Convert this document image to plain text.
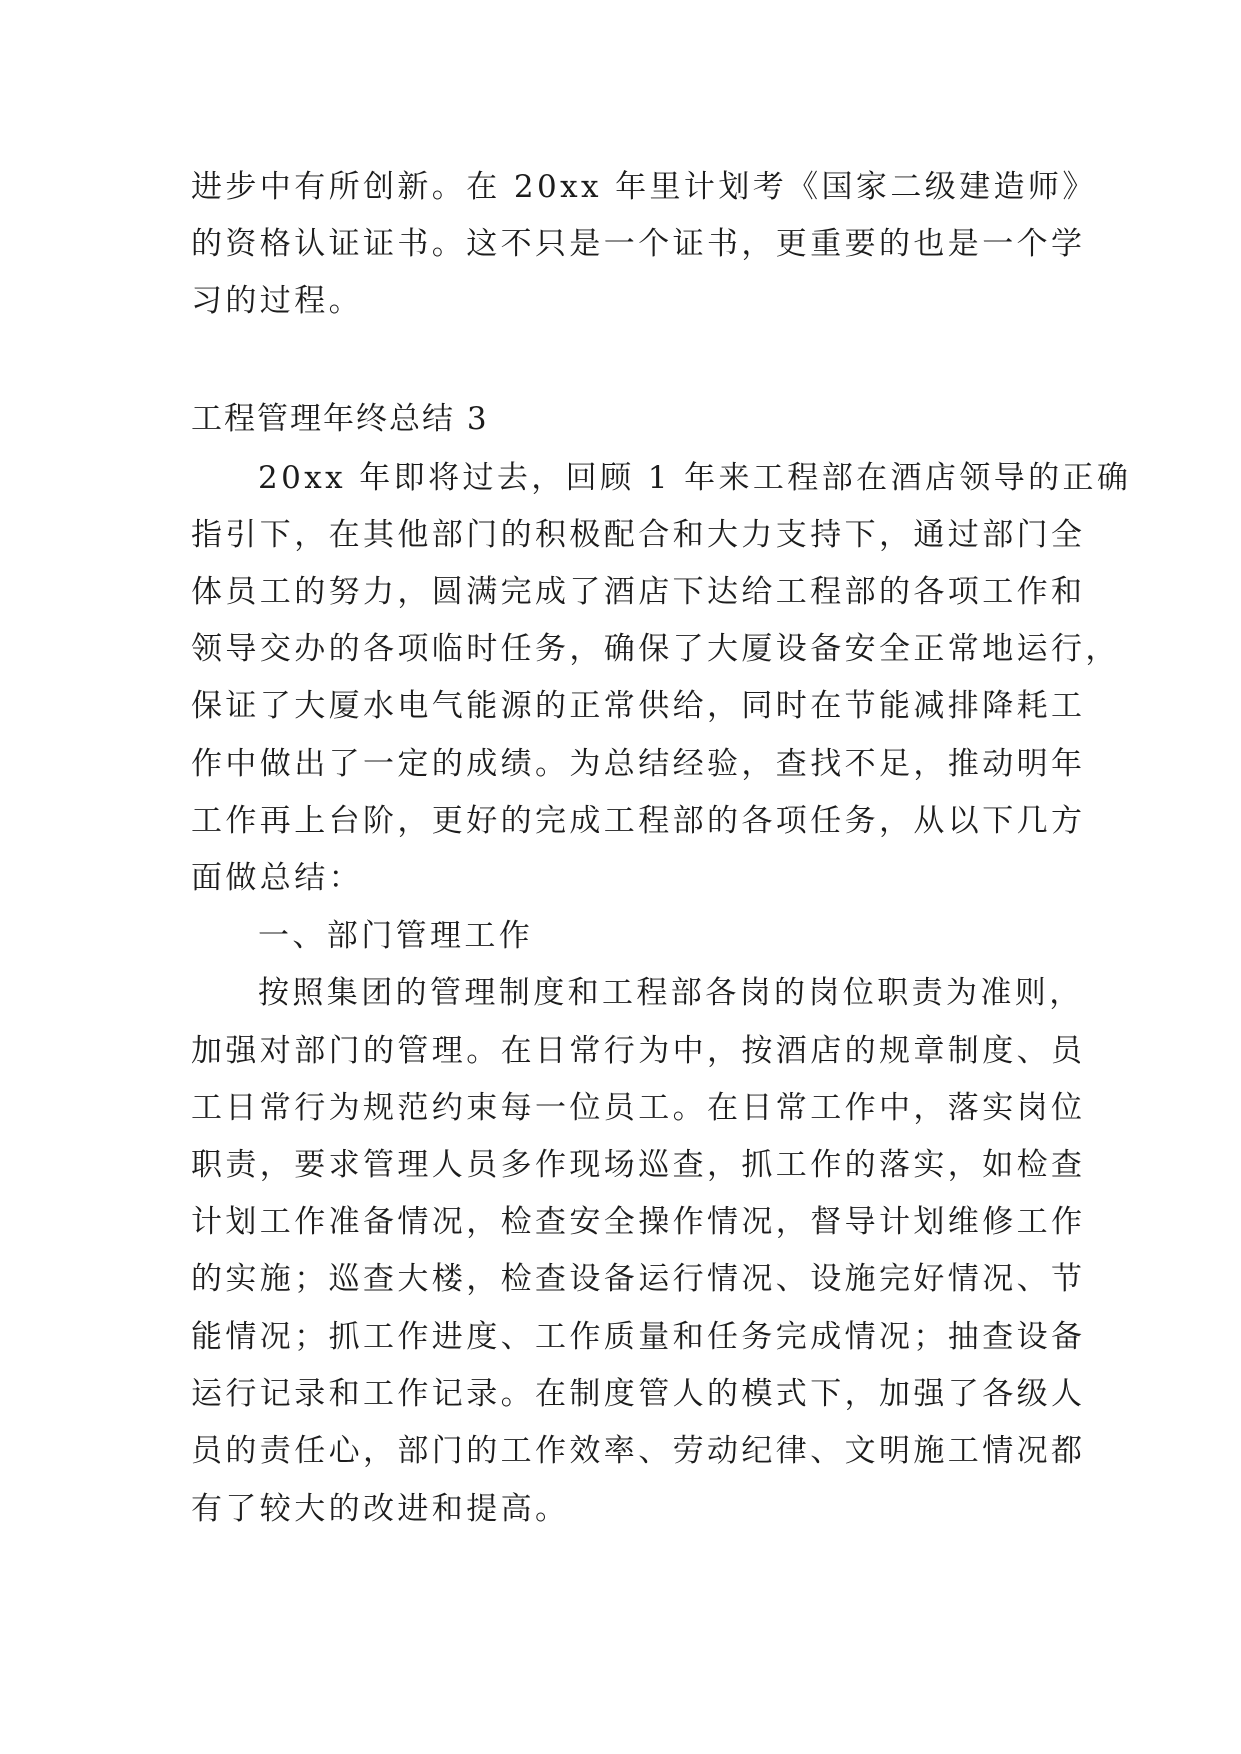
进步中有所创新。在 20xx 年里计划考《国家二级建造师》
的资格认证证书。这不只是一个证书，更重要的也是一个学
习的过程。
工程管理年终总结 3
20xx 年即将过去，回顾 1 年来工程部在酒店领导的正确
指引下，在其他部门的积极配合和大力支持下，通过部门全
体员工的努力，圆满完成了酒店下达给工程部的各项工作和
领导交办的各项临时任务，确保了大厦设备安全正常地运行，
保证了大厦水电气能源的正常供给，同时在节能减排降耗工
作中做出了一定的成绩。为总结经验，查找不足，推动明年
工作再上台阶，更好的完成工程部的各项任务，从以下几方
面做总结：
一、部门管理工作
按照集团的管理制度和工程部各岗的岗位职责为准则，
加强对部门的管理。在日常行为中，按酒店的规章制度、员
工日常行为规范约束每一位员工。在日常工作中，落实岗位
职责，要求管理人员多作现场巡查，抓工作的落实，如检查
计划工作准备情况，检查安全操作情况，督导计划维修工作
的实施；巡查大楼，检查设备运行情况、设施完好情况、节
能情况；抓工作进度、工作质量和任务完成情况；抽查设备
运行记录和工作记录。在制度管人的模式下，加强了各级人
员的责任心，部门的工作效率、劳动纪律、文明施工情况都
有了较大的改进和提高。
